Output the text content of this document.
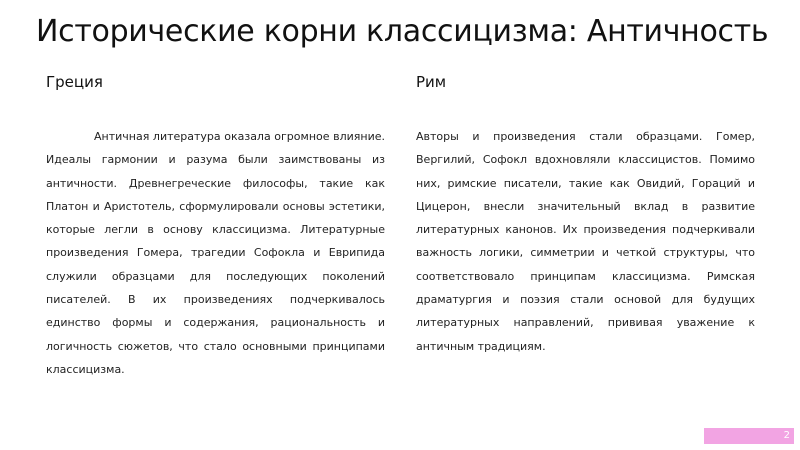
Исторические корни классицизма: Античность
Греция

Античная литература оказала огромное влияние. Идеалы гармонии и разума были заимствованы из античности. Древнегреческие философы, такие как Платон и Аристотель, сформулировали основы эстетики, которые легли в основу классицизма. Литературные произведения Гомера, трагедии Софокла и Еврипида служили образцами для последующих поколений писателей. В их произведениях подчеркивалось единство формы и содержания, рациональность и логичность сюжетов, что стало основными принципами классицизма.

Рим

Авторы и произведения стали образцами. Гомер, Вергилий, Софокл вдохновляли классицистов. Помимо них, римские писатели, такие как Овидий, Гораций и Цицерон, внесли значительный вклад в развитие литературных канонов. Их произведения подчеркивали важность логики, симметрии и четкой структуры, что соответствовало принципам классицизма. Римская драматургия и поэзия стали основой для будущих литературных направлений, прививая уважение к античным традициям.

2
